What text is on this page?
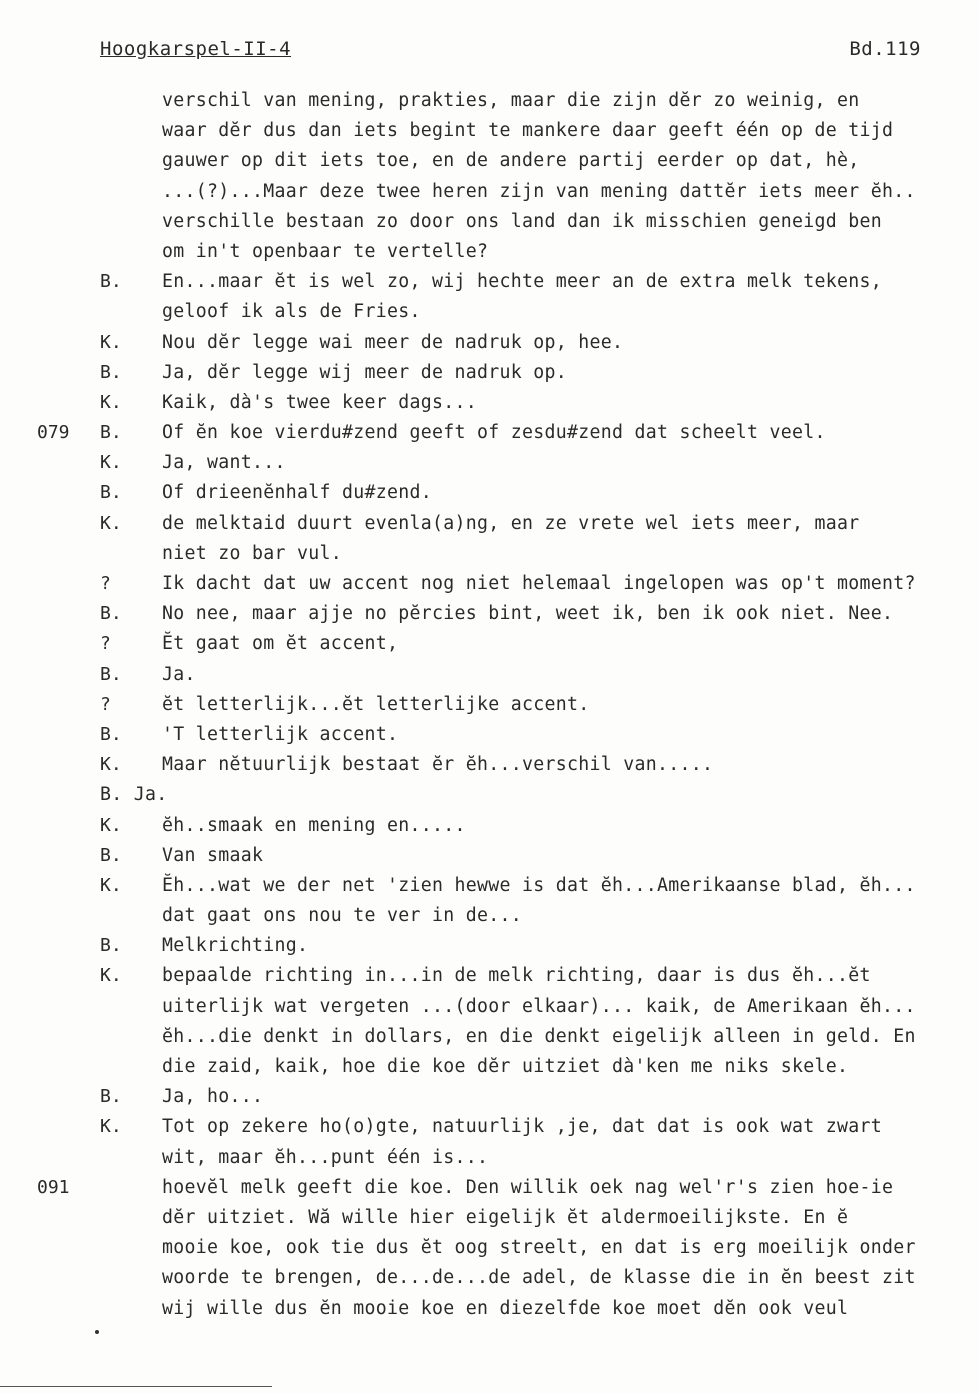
Hoogkarspel-II-4	Bd.119
verschil van mening, prakties, maar die zijn dĕr zo weinig, en
waar dĕr dus dan iets begint te mankere daar geeft één op de tijd
gauwer op dit iets toe, en de andere partij eerder op dat, hè,
...(?)...Maar deze twee heren zijn van mening dattĕr iets meer ĕh..
verschille bestaan zo door ons land dan ik misschien geneigd ben
om in't openbaar te vertelle?
B.	En...maar ĕt is wel zo, wij hechte meer an de extra melk tekens,
geloof ik als de Fries.
K.	Nou dĕr legge wai meer de nadruk op, hee.
B.	Ja, dĕr legge wij meer de nadruk op.
K.	Kaik, dà's twee keer dags...
079 B.	Of ĕn koe vierdu#zend geeft of zesdu#zend dat scheelt veel.
K.	Ja, want...
B.	Of drieenĕnhalf du#zend.
K.	de melktaid duurt evenla(a)ng, en ze vrete wel iets meer, maar
niet zo bar vul.
?	Ik dacht dat uw accent nog niet helemaal ingelopen was op't moment?
B.	No nee, maar ajje no pĕrcies bint, weet ik, ben ik ook niet. Nee.
?	Ĕt gaat om ĕt accent,
B.	Ja.
?	ĕt letterlijk...ĕt letterlijke accent.
B.	'T letterlijk accent.
K.	Maar nĕtuurlijk bestaat ĕr ĕh...verschil van.....
B. Ja.
K.	ĕh..smaak en mening en.....
B.	Van smaak
K.	Ĕh...wat we der net 'zien hewwe is dat ĕh...Amerikaanse blad, ĕh...
dat gaat ons nou te ver in de...
B.	Melkrichting.
K.	bepaalde richting in...in de melk richting, daar is dus ĕh...ĕt
uiterlijk wat vergeten ...(door elkaar)... kaik, de Amerikaan ĕh...
ĕh...die denkt in dollars, en die denkt eigelijk alleen in geld. En
die zaid, kaik, hoe die koe dĕr uitziet dà'ken me niks skele.
B.	Ja, ho...
K.	Tot op zekere ho(o)gte, natuurlijk ,je, dat dat is ook wat zwart
wit, maar ĕh...punt één is...
091	hoevĕl melk geeft die koe. Den willik oek nag wel'r's zien hoe-ie
dĕr uitziet. Wă wille hier eigelijk ĕt aldermoeilijkste. En ĕ
mooie koe, ook tie dus ĕt oog streelt, en dat is erg moeilijk onder
woorde te brengen, de...de...de adel, de klasse die in ĕn beest zit
wij wille dus ĕn mooie koe en diezelfde koe moet dĕn ook veul
